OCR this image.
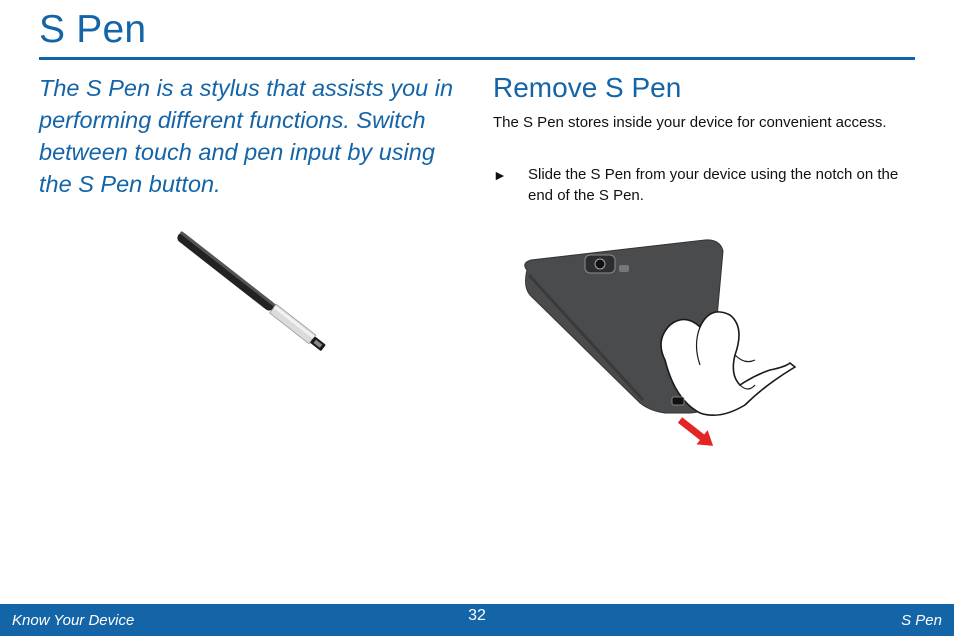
S Pen

The S Pen is a stylus that assists you in performing different functions. Switch between touch and pen input by using the S Pen button.

Remove S Pen

The S Pen stores inside your device for convenient access.

► Slide the S Pen from your device using the notch on the end of the S Pen.
Know Your Device	32	S Pen
